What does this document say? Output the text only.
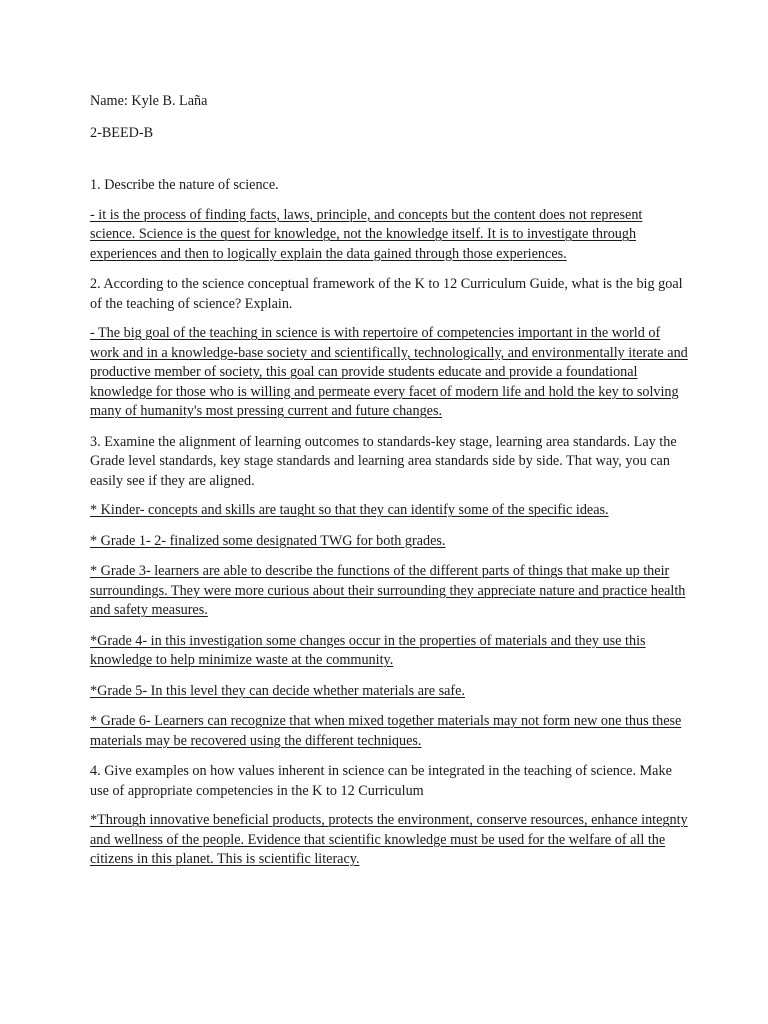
Name: Kyle B. Laña

2-BEED-B

1. Describe the nature of science.

- it is the process of finding facts, laws, principle, and concepts but the content does not represent science. Science is the quest for knowledge, not the knowledge itself. It is to investigate through experiences and then to logically explain the data gained through those experiences.

2. According to the science conceptual framework of the K to 12 Curriculum Guide, what is the big goal of the teaching of science? Explain.

- The big goal of the teaching in science is with repertoire of competencies important in the world of work and in a knowledge-base society and scientifically, technologically, and environmentally iterate and productive member of society, this goal can provide students educate and provide a foundational knowledge for those who is willing and permeate every facet of modern life and hold the key to solving many of humanity's most pressing current and future changes.

3. Examine the alignment of learning outcomes to standards-key stage, learning area standards. Lay the Grade level standards, key stage standards and learning area standards side by side. That way, you can easily see if they are aligned.

* Kinder- concepts and skills are taught so that they can identify some of the specific ideas.

* Grade 1- 2- finalized some designated TWG for both grades.

* Grade 3- learners are able to describe the functions of the different parts of things that make up their surroundings. They were more curious about their surrounding they appreciate nature and practice health and safety measures.

*Grade 4- in this investigation some changes occur in the properties of materials and they use this knowledge to help minimize waste at the community.

*Grade 5- In this level they can decide whether materials are safe.

* Grade 6- Learners can recognize that when mixed together materials may not form new one thus these materials may be recovered using the different techniques.

4. Give examples on how values inherent in science can be integrated in the teaching of science. Make use of appropriate competencies in the K to 12 Curriculum

*Through innovative beneficial products, protects the environment, conserve resources, enhance integnty and wellness of the people. Evidence that scientific knowledge must be used for the welfare of all the citizens in this planet. This is scientific literacy.
